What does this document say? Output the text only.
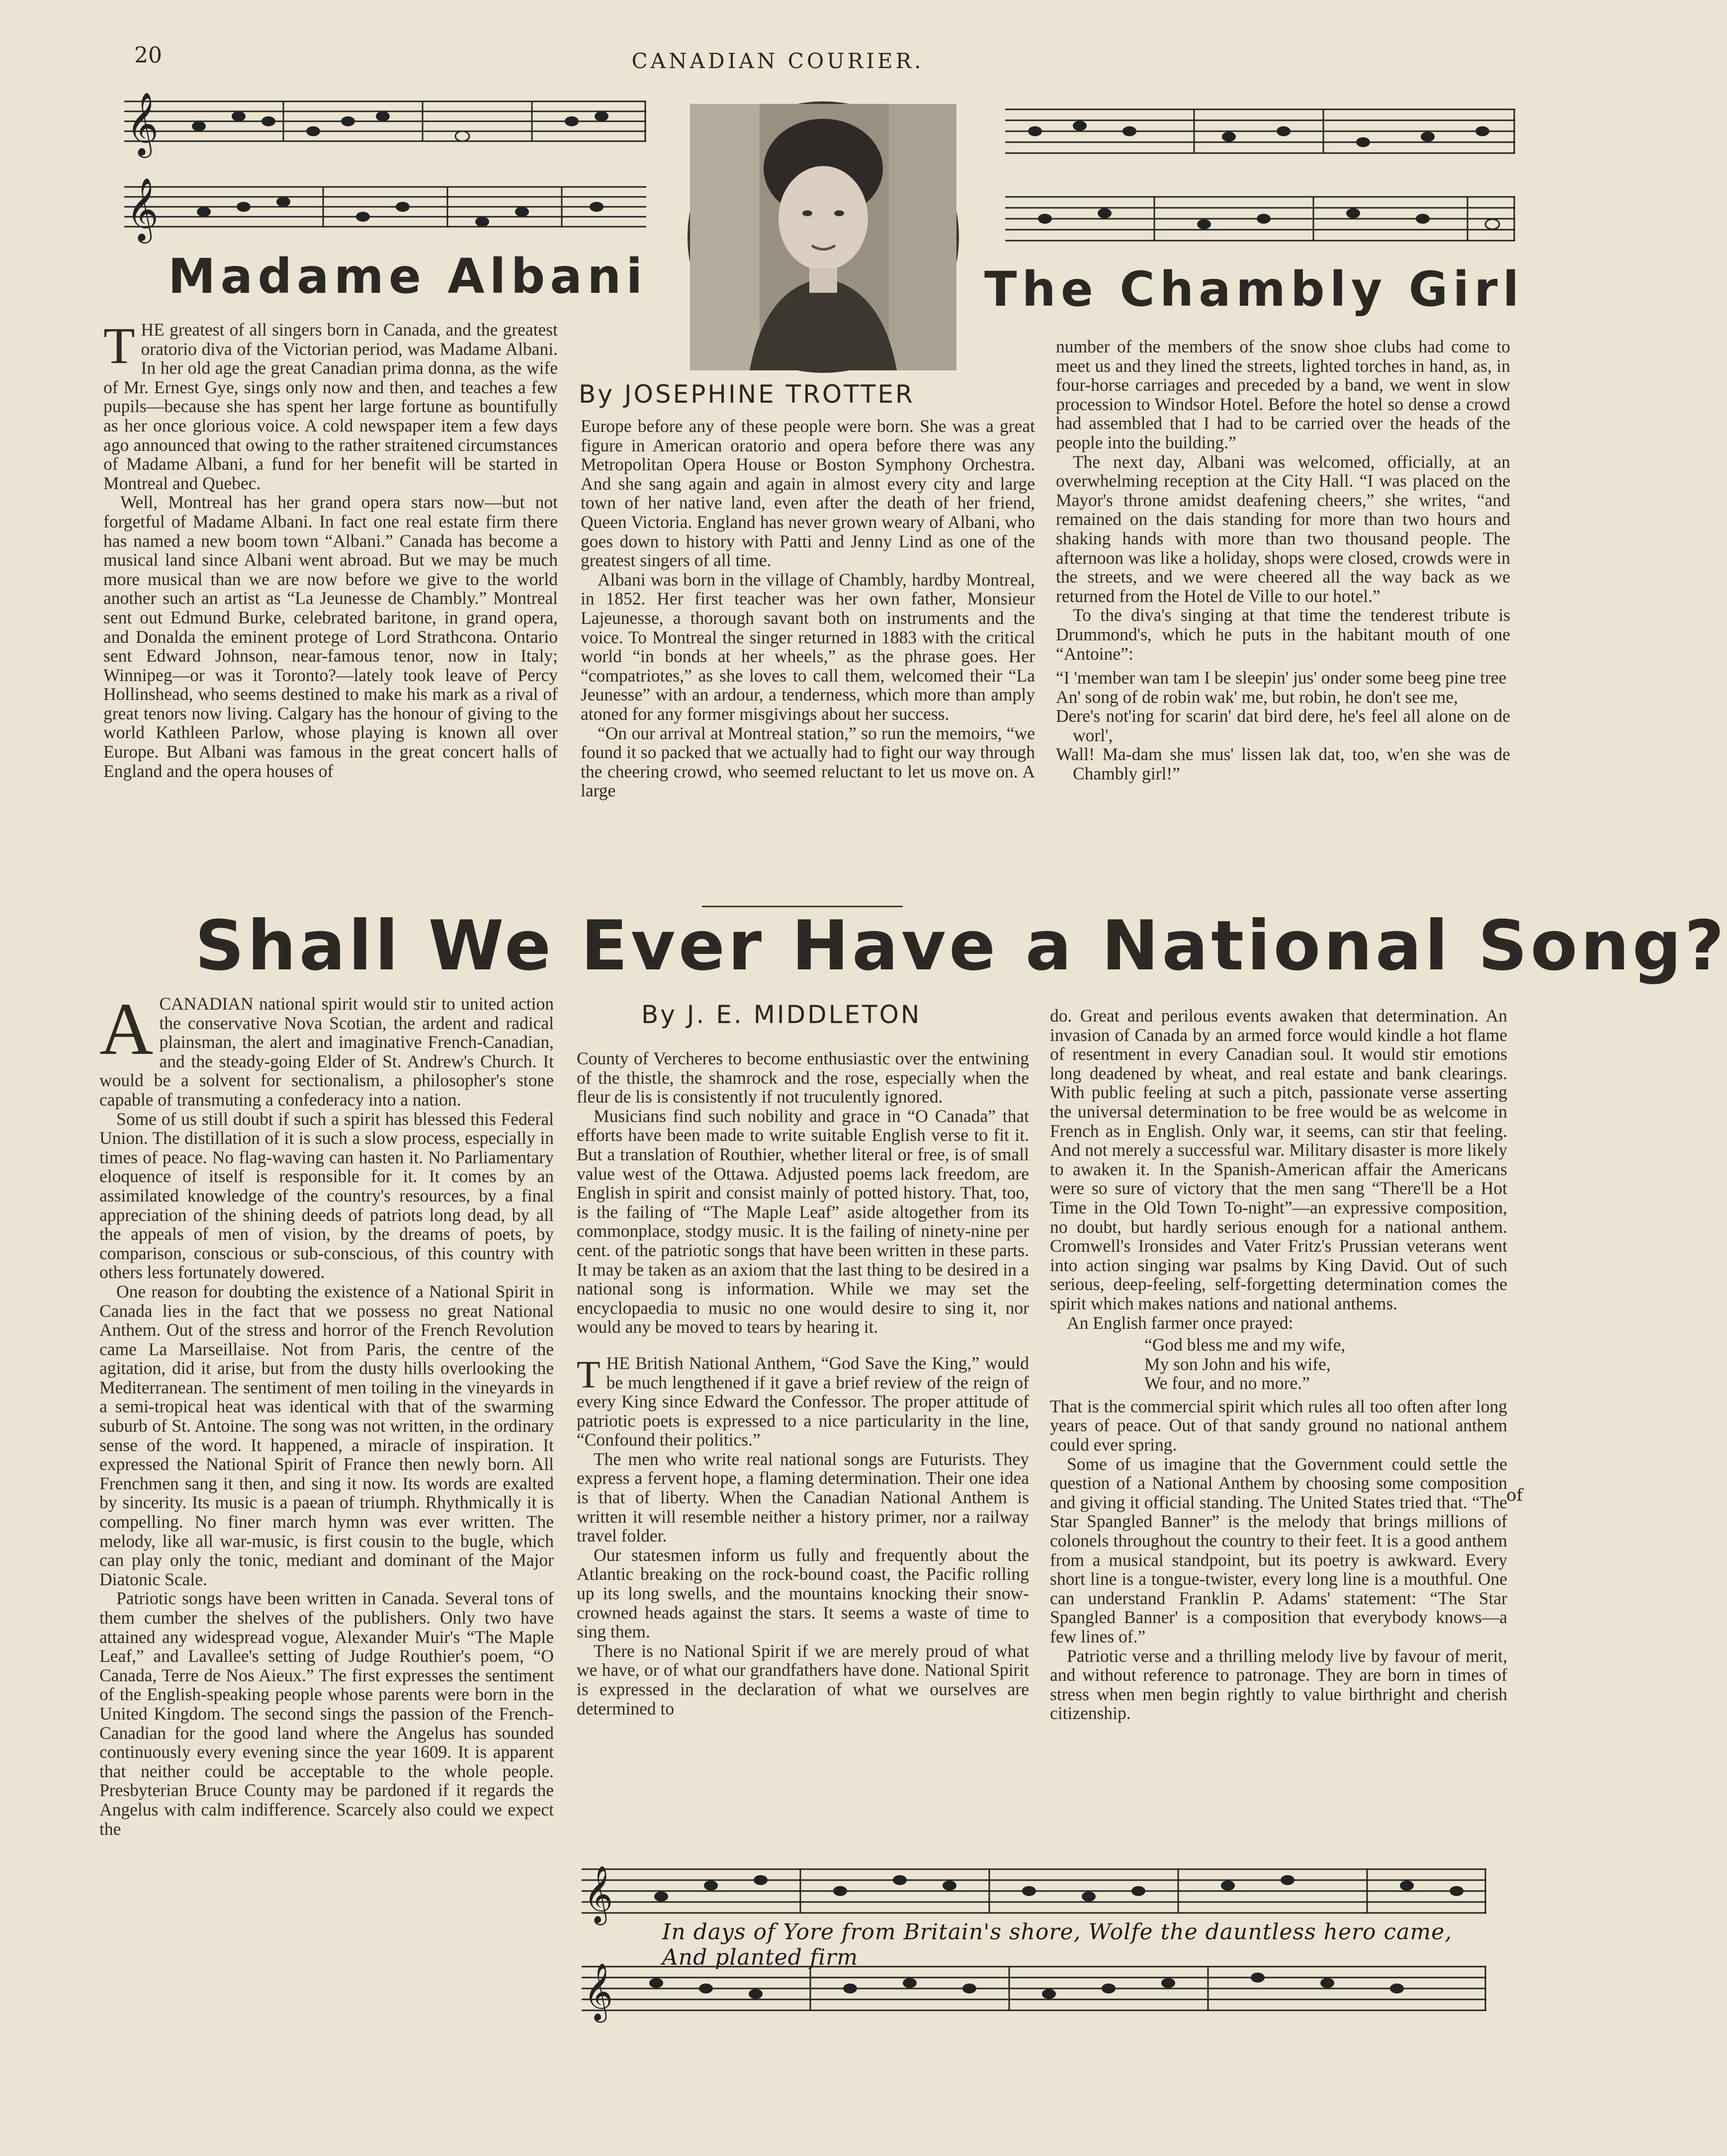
20	CANADIAN COURIER.
𝄞
𝄞
Madame Albani	The Chambly Girl
By JOSEPHINE TROTTER
T HE greatest of all singers born in Canada, and the greatest oratorio diva of the Victorian period, was Madame Albani. In her old age the great Canadian prima donna, as the wife of Mr. Ernest Gye, sings only now and then, and teaches a few pupils—because she has spent her large fortune as bountifully as her once glorious voice. A cold newspaper item a few days ago announced that owing to the rather straitened circumstances of Madame Albani, a fund for her benefit will be started in Montreal and Quebec.

Well, Montreal has her grand opera stars now—but not forgetful of Madame Albani. In fact one real estate firm there has named a new boom town “Albani.” Canada has become a musical land since Albani went abroad. But we may be much more musical than we are now before we give to the world another such an artist as “La Jeunesse de Chambly.” Montreal sent out Edmund Burke, celebrated baritone, in grand opera, and Donalda the eminent protege of Lord Strathcona. Ontario sent Edward Johnson, near-famous tenor, now in Italy; Winnipeg—or was it Toronto?—lately took leave of Percy Hollinshead, who seems destined to make his mark as a rival of great tenors now living. Calgary has the honour of giving to the world Kathleen Parlow, whose playing is known all over Europe. But Albani was famous in the great concert halls of England and the opera houses of

Europe before any of these people were born. She was a great figure in American oratorio and opera before there was any Metropolitan Opera House or Boston Symphony Orchestra. And she sang again and again in almost every city and large town of her native land, even after the death of her friend, Queen Victoria. England has never grown weary of Albani, who goes down to history with Patti and Jenny Lind as one of the greatest singers of all time.

Albani was born in the village of Chambly, hardby Montreal, in 1852. Her first teacher was her own father, Monsieur Lajeunesse, a thorough savant both on instruments and the voice. To Montreal the singer returned in 1883 with the critical world “in bonds at her wheels,” as the phrase goes. Her “compatriotes,” as she loves to call them, welcomed their “La Jeunesse” with an ardour, a tenderness, which more than amply atoned for any former misgivings about her success.

“On our arrival at Montreal station,” so run the memoirs, “we found it so packed that we actually had to fight our way through the cheering crowd, who seemed reluctant to let us move on. A large

number of the members of the snow shoe clubs had come to meet us and they lined the streets, lighted torches in hand, as, in four-horse carriages and preceded by a band, we went in slow procession to Windsor Hotel. Before the hotel so dense a crowd had assembled that I had to be carried over the heads of the people into the building.”

The next day, Albani was welcomed, officially, at an overwhelming reception at the City Hall. “I was placed on the Mayor's throne amidst deafening cheers,” she writes, “and remained on the dais standing for more than two hours and shaking hands with more than two thousand people. The afternoon was like a holiday, shops were closed, crowds were in the streets, and we were cheered all the way back as we returned from the Hotel de Ville to our hotel.”

To the diva's singing at that time the tenderest tribute is Drummond's, which he puts in the habitant mouth of one “Antoine”:

“I 'member wan tam I be sleepin' jus' onder some beeg pine tree
An' song of de robin wak' me, but robin, he don't see me,
Dere's not'ing for scarin' dat bird dere, he's feel all alone on de worl',
Wall! Ma-dam she mus' lissen lak dat, too, w'en she was de Chambly girl!”
Shall We Ever Have a National Song?
By J. E. MIDDLETON
A CANADIAN national spirit would stir to united action the conservative Nova Scotian, the ardent and radical plainsman, the alert and imaginative French-Canadian, and the steady-going Elder of St. Andrew's Church. It would be a solvent for sectionalism, a philosopher's stone capable of transmuting a confederacy into a nation.

Some of us still doubt if such a spirit has blessed this Federal Union. The distillation of it is such a slow process, especially in times of peace. No flag-waving can hasten it. No Parliamentary eloquence of itself is responsible for it. It comes by an assimilated knowledge of the country's resources, by a final appreciation of the shining deeds of patriots long dead, by all the appeals of men of vision, by the dreams of poets, by comparison, conscious or sub-conscious, of this country with others less fortunately dowered.

One reason for doubting the existence of a National Spirit in Canada lies in the fact that we possess no great National Anthem. Out of the stress and horror of the French Revolution came La Marseillaise. Not from Paris, the centre of the agitation, did it arise, but from the dusty hills overlooking the Mediterranean. The sentiment of men toiling in the vineyards in a semi-tropical heat was identical with that of the swarming suburb of St. Antoine. The song was not written, in the ordinary sense of the word. It happened, a miracle of inspiration. It expressed the National Spirit of France then newly born. All Frenchmen sang it then, and sing it now. Its words are exalted by sincerity. Its music is a paean of triumph. Rhythmically it is compelling. No finer march hymn was ever written. The melody, like all war-music, is first cousin to the bugle, which can play only the tonic, mediant and dominant of the Major Diatonic Scale.

Patriotic songs have been written in Canada. Several tons of them cumber the shelves of the publishers. Only two have attained any widespread vogue, Alexander Muir's “The Maple Leaf,” and Lavallee's setting of Judge Routhier's poem, “O Canada, Terre de Nos Aieux.” The first expresses the sentiment of the English-speaking people whose parents were born in the United Kingdom. The second sings the passion of the French-Canadian for the good land where the Angelus has sounded continuously every evening since the year 1609. It is apparent that neither could be acceptable to the whole people. Presbyterian Bruce County may be pardoned if it regards the Angelus with calm indifference. Scarcely also could we expect the

County of Vercheres to become enthusiastic over the entwining of the thistle, the shamrock and the rose, especially when the fleur de lis is consistently if not truculently ignored.

Musicians find such nobility and grace in “O Canada” that efforts have been made to write suitable English verse to fit it. But a translation of Routhier, whether literal or free, is of small value west of the Ottawa. Adjusted poems lack freedom, are English in spirit and consist mainly of potted history. That, too, is the failing of “The Maple Leaf” aside altogether from its commonplace, stodgy music. It is the failing of ninety-nine per cent. of the patriotic songs that have been written in these parts. It may be taken as an axiom that the last thing to be desired in a national song is information. While we may set the encyclopaedia to music no one would desire to sing it, nor would any be moved to tears by hearing it.

T HE British National Anthem, “God Save the King,” would be much lengthened if it gave a brief review of the reign of every King since Edward the Confessor. The proper attitude of patriotic poets is expressed to a nice particularity in the line, “Confound their politics.”

The men who write real national songs are Futurists. They express a fervent hope, a flaming determination. Their one idea is that of liberty. When the Canadian National Anthem is written it will resemble neither a history primer, nor a railway travel folder.

Our statesmen inform us fully and frequently about the Atlantic breaking on the rock-bound coast, the Pacific rolling up its long swells, and the mountains knocking their snow-crowned heads against the stars. It seems a waste of time to sing them.

There is no National Spirit if we are merely proud of what we have, or of what our grandfathers have done. National Spirit is expressed in the declaration of what we ourselves are determined to

do. Great and perilous events awaken that determination. An invasion of Canada by an armed force would kindle a hot flame of resentment in every Canadian soul. It would stir emotions long deadened by wheat, and real estate and bank clearings. With public feeling at such a pitch, passionate verse asserting the universal determination to be free would be as welcome in French as in English. Only war, it seems, can stir that feeling. And not merely a successful war. Military disaster is more likely to awaken it. In the Spanish-American affair the Americans were so sure of victory that the men sang “There'll be a Hot Time in the Old Town To-night”—an expressive composition, no doubt, but hardly serious enough for a national anthem. Cromwell's Ironsides and Vater Fritz's Prussian veterans went into action singing war psalms by King David. Out of such serious, deep-feeling, self-forgetting determination comes the spirit which makes nations and national anthems.

An English farmer once prayed:

“God bless me and my wife,
My son John and his wife,
We four, and no more.”

That is the commercial spirit which rules all too often after long years of peace. Out of that sandy ground no national anthem could ever spring.

Some of us imagine that the Government could settle the question of a National Anthem by choosing some composition and giving it official standing. The United States tried that. “The Star Spangled Banner” is the melody that brings millions of colonels throughout the country to their feet. It is a good anthem from a musical standpoint, but its poetry is awkward. Every short line is a tongue-twister, every long line is a mouthful. One can understand Franklin P. Adams' statement: “The Star Spangled Banner' is a composition that everybody knows—a few lines of.”

Patriotic verse and a thrilling melody live by favour of merit, and without reference to patronage. They are born in times of stress when men begin rightly to value birthright and cherish citizenship.

of
𝄞
In days of Yore from Britain's shore, Wolfe the dauntless hero came, And planted firm
𝄞
